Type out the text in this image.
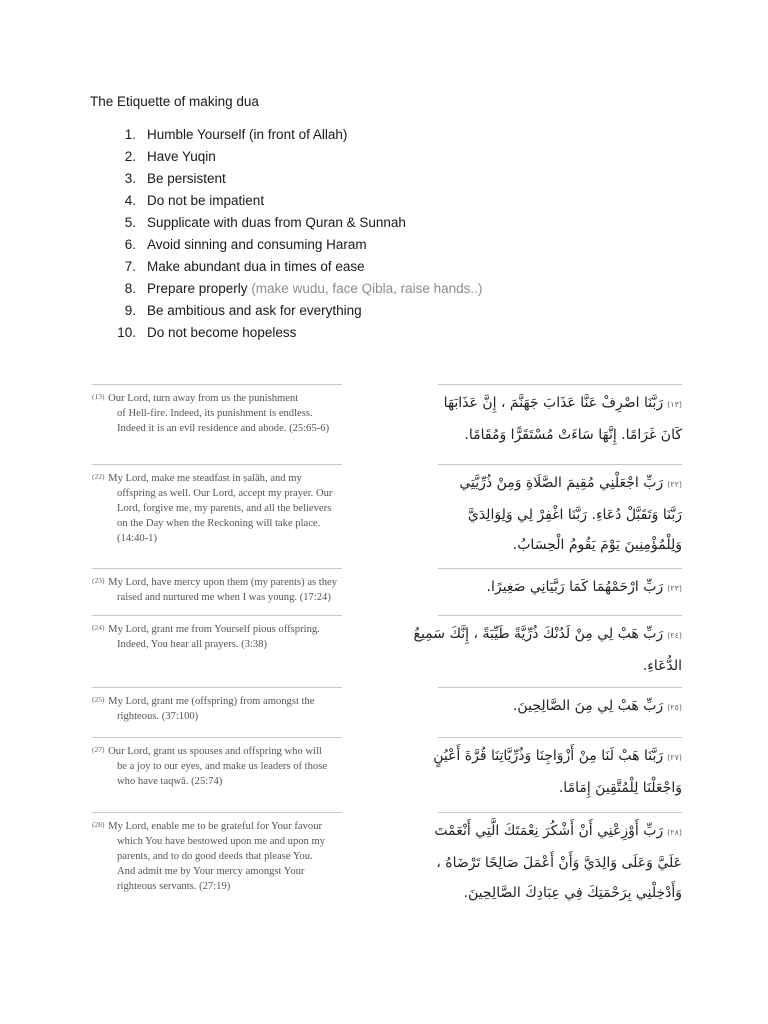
The Etiquette of making dua
1. Humble Yourself (in front of Allah)
2. Have Yuqin
3. Be persistent
4. Do not be impatient
5. Supplicate with duas from Quran & Sunnah
6. Avoid sinning and consuming Haram
7. Make abundant dua in times of ease
8. Prepare properly (make wudu, face Qibla, raise hands..)
9. Be ambitious and ask for everything
10. Do not become hopeless
(13) Our Lord, turn away from us the punishment
of Hell-fire. Indeed, its punishment is endless.
Indeed it is an evil residence and abode. (25:65-6)
(١٣)رَبَّنَا اصْرِفْ عَنَّا عَذَابَ جَهَنَّمَ ، إِنَّ عَذَابَهَا
كَانَ غَرَامًا. إِنَّهَا سَاءَتْ مُسْتَقَرًّا وَمُقَامًا.
(22) My Lord, make me steadfast in ṣalāh, and my
offspring as well. Our Lord, accept my prayer. Our
Lord, forgive me, my parents, and all the believers
on the Day when the Reckoning will take place.
(14:40-1)
(٢٢)رَبِّ اجْعَلْنِي مُقِيمَ الصَّلَاةِ وَمِنْ ذُرِّيَّتِي
رَبَّنَا وَتَقَبَّلْ دُعَاءِ. رَبَّنَا اغْفِرْ لِي وَلِوَالِدَيَّ
وَلِلْمُؤْمِنِينَ يَوْمَ يَقُومُ الْحِسَابُ.
(23) My Lord, have mercy upon them (my parents) as they
raised and nurtured me when I was young. (17:24)
(٢٣)رَبِّ ارْحَمْهُمَا كَمَا رَبَّيَانِي صَغِيرًا.
(24) My Lord, grant me from Yourself pious offspring.
Indeed, You hear all prayers. (3:38)
(٢٤)رَبِّ هَبْ لِي مِنْ لَدُنْكَ ذُرِّيَّةً طَيِّبَةً ، إِنَّكَ سَمِيعُ
الدُّعَاءِ.
(25) My Lord, grant me (offspring) from amongst the
righteous. (37:100)
(٢٥)رَبِّ هَبْ لِي مِنَ الصَّالِحِينَ.
(27) Our Lord, grant us spouses and offspring who will
be a joy to our eyes, and make us leaders of those
who have taqwā. (25:74)
(٢٧)رَبَّنَا هَبْ لَنَا مِنْ أَزْوَاجِنَا وَذُرِّيَّاتِنَا قُرَّةَ أَعْيُنٍ
وَاجْعَلْنَا لِلْمُتَّقِينَ إِمَامًا.
(28) My Lord, enable me to be grateful for Your favour
which You have bestowed upon me and upon my
parents, and to do good deeds that please You.
And admit me by Your mercy amongst Your
righteous servants. (27:19)
(٢٨)رَبِّ أَوْزِعْنِي أَنْ أَشْكُرَ نِعْمَتَكَ الَّتِي أَنْعَمْتَ
عَلَيَّ وَعَلَى وَالِدَيَّ وَأَنْ أَعْمَلَ صَالِحًا تَرْضَاهُ ،
وَأَدْخِلْنِي بِرَحْمَتِكَ فِي عِبَادِكَ الصَّالِحِينَ.
